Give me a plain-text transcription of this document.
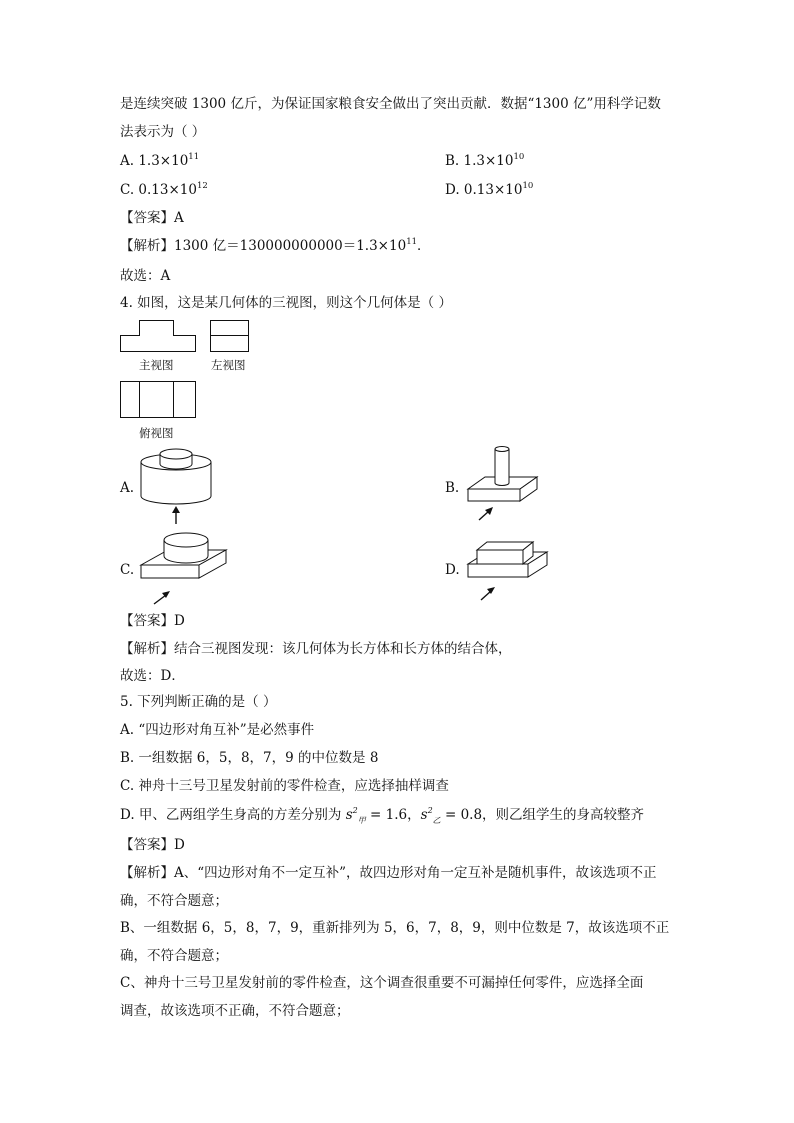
是连续突破 1300 亿斤，为保证国家粮食安全做出了突出贡献．数据“1300 亿”用科学记数
法表示为（ ）
A. $1.3\times 10^{11}$	B. $1.3\times 10^{10}$
C. $0.13\times 10^{12}$	D. $0.13\times 10^{10}$
【答案】A
【解析】1300 亿$=130000000000=1.3\times 10^{11}$．
故选：A
4. 如图，这是某几何体的三视图，则这个几何体是（ ）
主视图	左视图
俯视图
A.	B.
C.	D.
【答案】D
【解析】结合三视图发现：该几何体为长方体和长方体的结合体，
故选：D．
5. 下列判断正确的是（ ）
A. “四边形对角互补”是必然事件
B. 一组数据 6，5，8，7，9 的中位数是 8
C. 神舟十三号卫星发射前的零件检查，应选择抽样调查
D. 甲、乙两组学生身高的方差分别为 $s^2_甲 = 1.6$，$s^2_乙 = 0.8$，则乙组学生的身高较整齐
【答案】D
【解析】A、“四边形对角不一定互补”，故四边形对角一定互补是随机事件，故该选项不正
确，不符合题意；
B、一组数据 6，5，8，7，9，重新排列为 5，6，7，8，9，则中位数是 7，故该选项不正
确，不符合题意；
C、神舟十三号卫星发射前的零件检查，这个调查很重要不可漏掉任何零件，应选择全面
调查，故该选项不正确，不符合题意；
